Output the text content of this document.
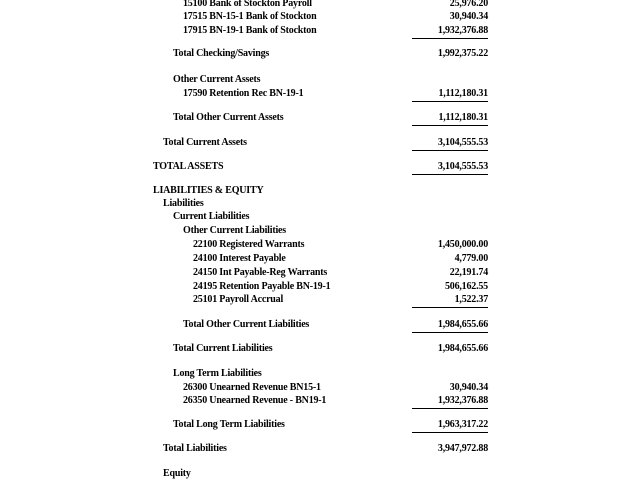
15100 Bank of Stockton Payroll	25,976.20
17515 BN-15-1 Bank of Stockton	30,940.34
17915 BN-19-1 Bank of Stockton	1,932,376.88
Total Checking/Savings	1,992,375.22
Other Current Assets
17590 Retention Rec BN-19-1	1,112,180.31
Total Other Current Assets	1,112,180.31
Total Current Assets	3,104,555.53
TOTAL ASSETS	3,104,555.53
LIABILITIES & EQUITY
Liabilities
Current Liabilities
Other Current Liabilities
22100 Registered Warrants	1,450,000.00
24100 Interest Payable	4,779.00
24150 Int Payable-Reg Warrants	22,191.74
24195 Retention Payable BN-19-1	506,162.55
25101 Payroll Accrual	1,522.37
Total Other Current Liabilities	1,984,655.66
Total Current Liabilities	1,984,655.66
Long Term Liabilities
26300 Unearned Revenue BN15-1	30,940.34
26350 Unearned Revenue - BN19-1	1,932,376.88
Total Long Term Liabilities	1,963,317.22
Total Liabilities	3,947,972.88
Equity
